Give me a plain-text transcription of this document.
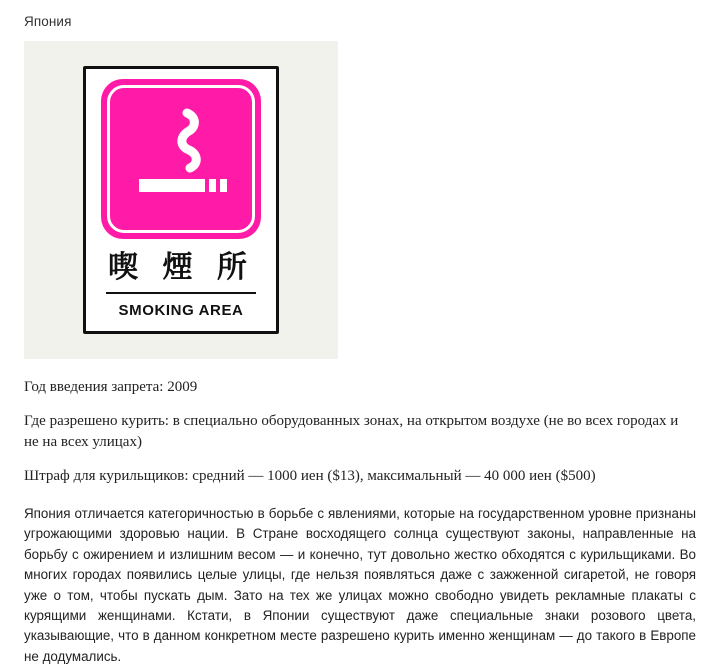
Япония
喫 煙 所
SMOKING AREA
Год введения запрета: 2009
Где разрешено курить: в специально оборудованных зонах, на открытом воздухе (не во всех городах и не на всех улицах)
Штраф для курильщиков: средний — 1000 иен ($13), максимальный — 40 000 иен ($500)
Япония отличается категоричностью в борьбе с явлениями, которые на государственном уровне признаны угрожающими здоровью нации. В Стране восходящего солнца существуют законы, направленные на борьбу с ожирением и излишним весом — и конечно, тут довольно жестко обходятся с курильщиками. Во многих городах появились целые улицы, где нельзя появляться даже с зажженной сигаретой, не говоря уже о том, чтобы пускать дым. Зато на тех же улицах можно свободно увидеть рекламные плакаты с курящими женщинами. Кстати, в Японии существуют даже специальные знаки розового цвета, указывающие, что в данном конкретном месте разрешено курить именно женщинам — до такого в Европе не додумались.
